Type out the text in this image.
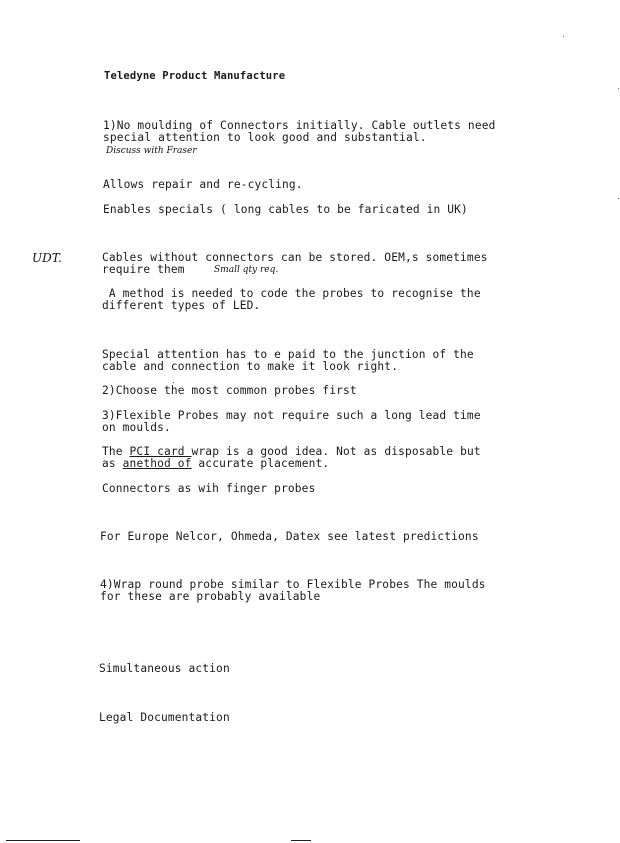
Teledyne Product Manufacture
1)No moulding of Connectors initially. Cable outlets need
special attention to look good and substantial.
Discuss with Fraser
Allows repair and re-cycling.
Enables specials ( long cables to be faricated in UK)
UDT.	Cables without connectors can be stored. OEM,s sometimes
require them	Small qty req.
A method is needed to code the probes to recognise the
different types of LED.
Special attention has to e paid to the junction of the
cable and connection to make it look right.
2)Choose the most common probes first
3)Flexible Probes may not require such a long lead time
on moulds.
The PCI card wrap is a good idea. Not as disposable but
as anethod of accurate placement.
Connectors as wih finger probes
For Europe Nelcor, Ohmeda, Datex see latest predictions
4)Wrap round probe similar to Flexible Probes The moulds
for these are probably available
Simultaneous action
Legal Documentation
